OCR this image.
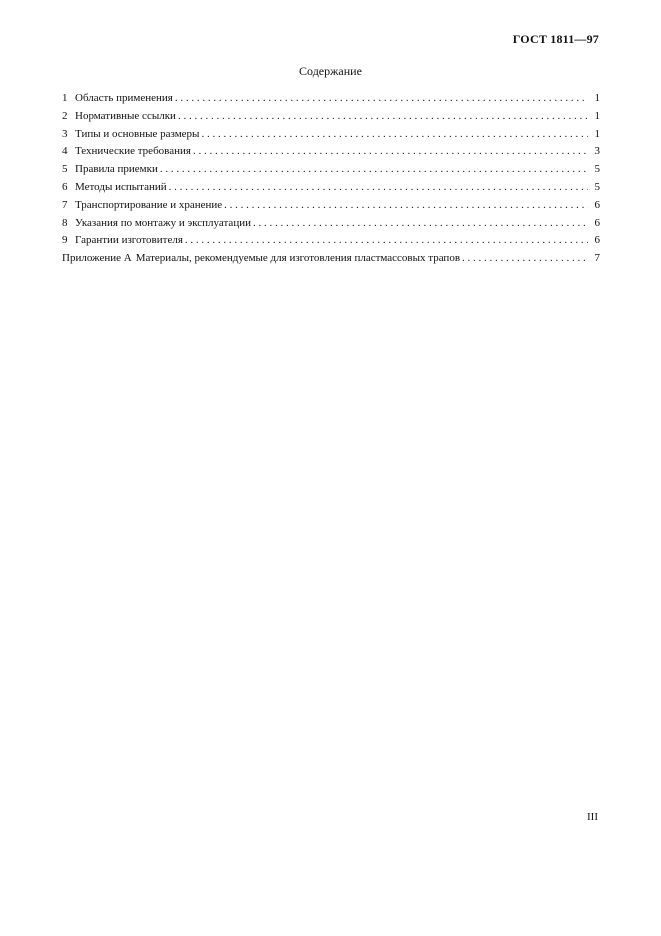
ГОСТ 1811—97
Содержание
1 Область применения . . .	1
2 Нормативные ссылки . . .	1
3 Типы и основные размеры . . .	1
4 Технические требования . . .	3
5 Правила приемки . . .	5
6 Методы испытаний . . .	5
7 Транспортирование и хранение . . .	6
8 Указания по монтажу и эксплуатации . . .	6
9 Гарантии изготовителя . . .	6
Приложение А Материалы, рекомендуемые для изготовления пластмассовых трапов . . .	7
III
